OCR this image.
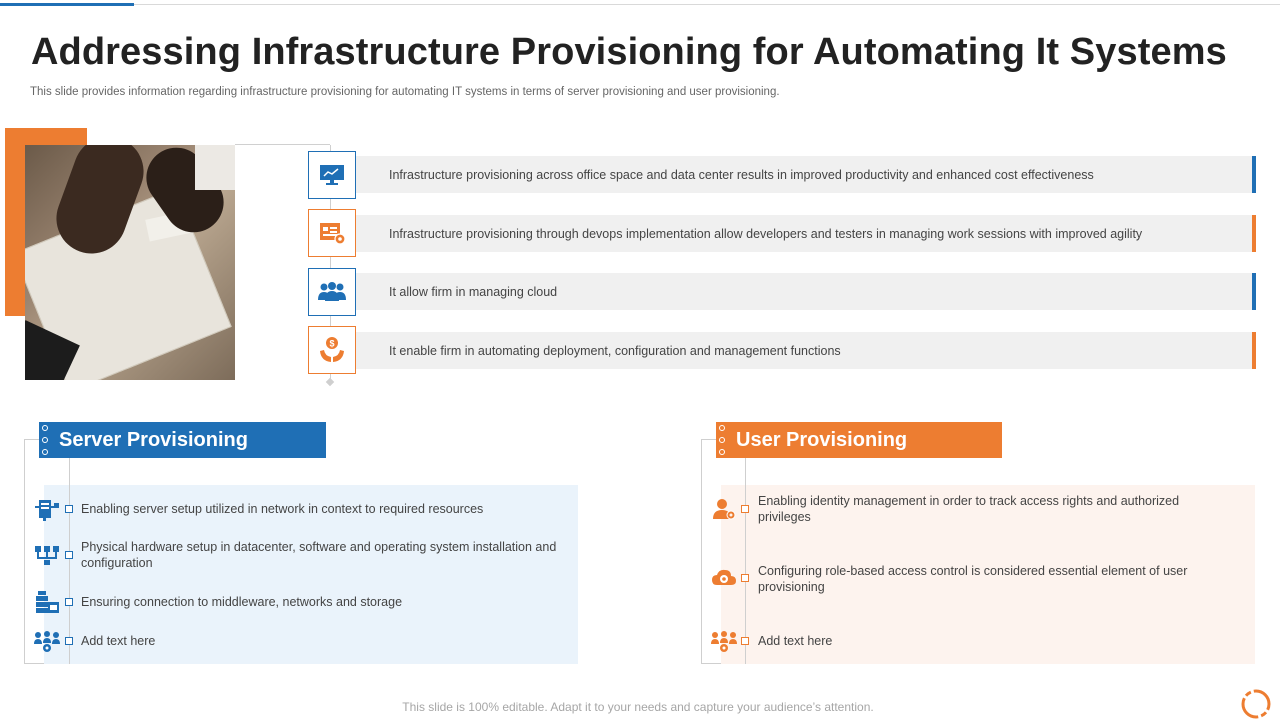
Addressing Infrastructure Provisioning for Automating It Systems

This slide provides information regarding infrastructure provisioning for automating IT systems in terms of server provisioning and user provisioning.

Infrastructure provisioning across office space and data center results in improved productivity and enhanced cost effectiveness
Infrastructure provisioning through devops implementation allow developers and testers in managing work sessions with improved agility
It allow firm in managing cloud
$	It enable firm in automating deployment, configuration and management functions
Server Provisioning
Enabling server setup utilized in network in context to required resources
Physical hardware setup in datacenter, software and operating system installation and configuration
Ensuring connection to middleware, networks and storage
Add text here
User Provisioning
Enabling identity management in order to track access rights and authorized privileges
Configuring role-based access control is considered essential element of user provisioning
Add text here
This slide is 100% editable. Adapt it to your needs and capture your audience’s attention.
